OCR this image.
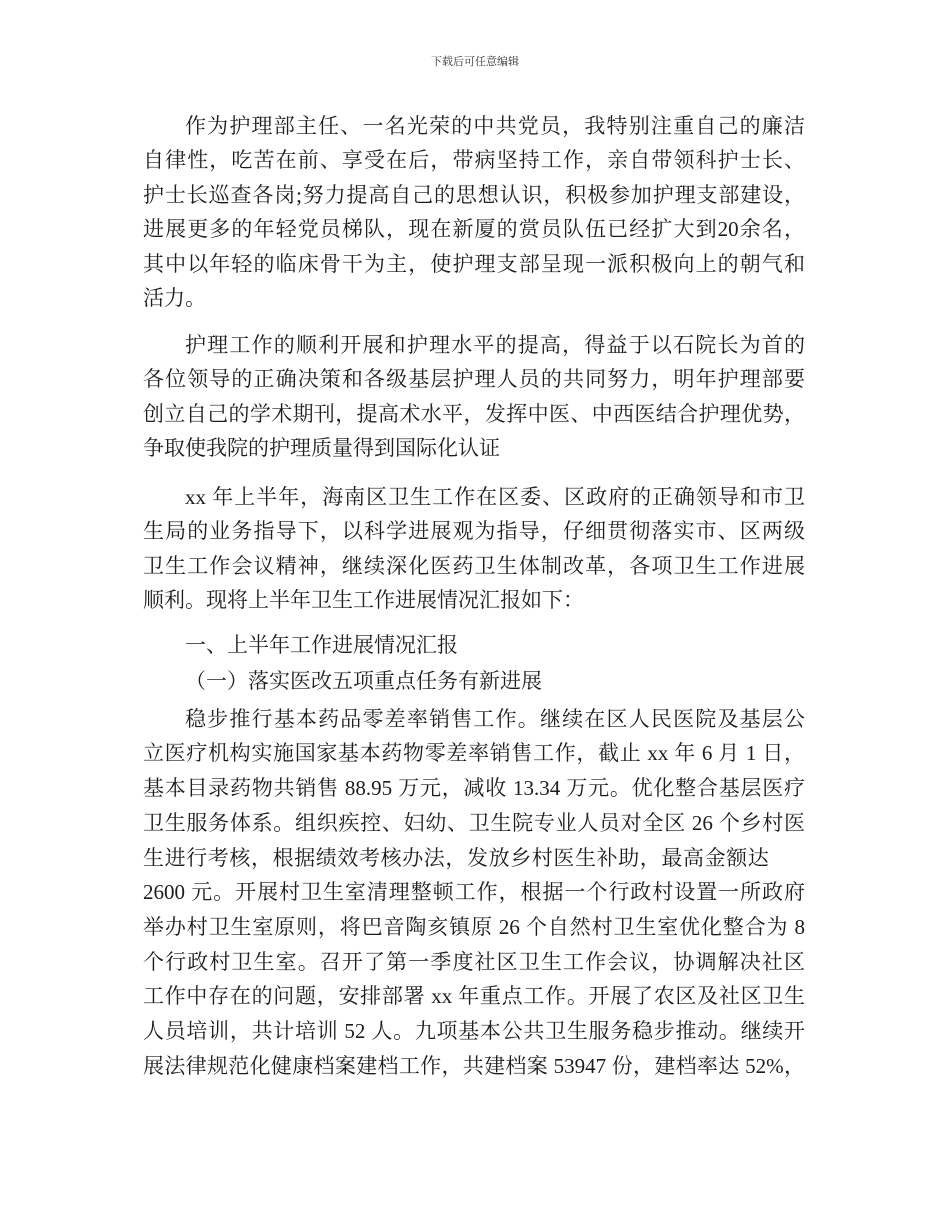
下载后可任意编辑
作为护理部主任、一名光荣的中共党员，我特别注重自己的廉洁
自律性，吃苦在前、享受在后，带病坚持工作，亲自带领科护士长、
护士长巡查各岗;努力提高自己的思想认识，积极参加护理支部建设，
进展更多的年轻党员梯队，现在新厦的赏员队伍已经扩大到20余名，
其中以年轻的临床骨干为主，使护理支部呈现一派积极向上的朝气和
活力。
护理工作的顺利开展和护理水平的提高，得益于以石院长为首的
各位领导的正确决策和各级基层护理人员的共同努力，明年护理部要
创立自己的学术期刊，提高术水平，发挥中医、中西医结合护理优势，
争取使我院的护理质量得到国际化认证
xx 年上半年，海南区卫生工作在区委、区政府的正确领导和市卫
生局的业务指导下，以科学进展观为指导，仔细贯彻落实市、区两级
卫生工作会议精神，继续深化医药卫生体制改革，各项卫生工作进展
顺利。现将上半年卫生工作进展情况汇报如下：
一、上半年工作进展情况汇报
（一）落实医改五项重点任务有新进展
稳步推行基本药品零差率销售工作。继续在区人民医院及基层公
立医疗机构实施国家基本药物零差率销售工作，截止 xx 年 6 月 1 日，
基本目录药物共销售 88.95 万元，减收 13.34 万元。优化整合基层医疗
卫生服务体系。组织疾控、妇幼、卫生院专业人员对全区 26 个乡村医
生进行考核，根据绩效考核办法，发放乡村医生补助，最高金额达
2600 元。开展村卫生室清理整顿工作，根据一个行政村设置一所政府
举办村卫生室原则，将巴音陶亥镇原 26 个自然村卫生室优化整合为 8
个行政村卫生室。召开了第一季度社区卫生工作会议，协调解决社区
工作中存在的问题，安排部署 xx 年重点工作。开展了农区及社区卫生
人员培训，共计培训 52 人。九项基本公共卫生服务稳步推动。继续开
展法律规范化健康档案建档工作，共建档案 53947 份，建档率达 52%，
